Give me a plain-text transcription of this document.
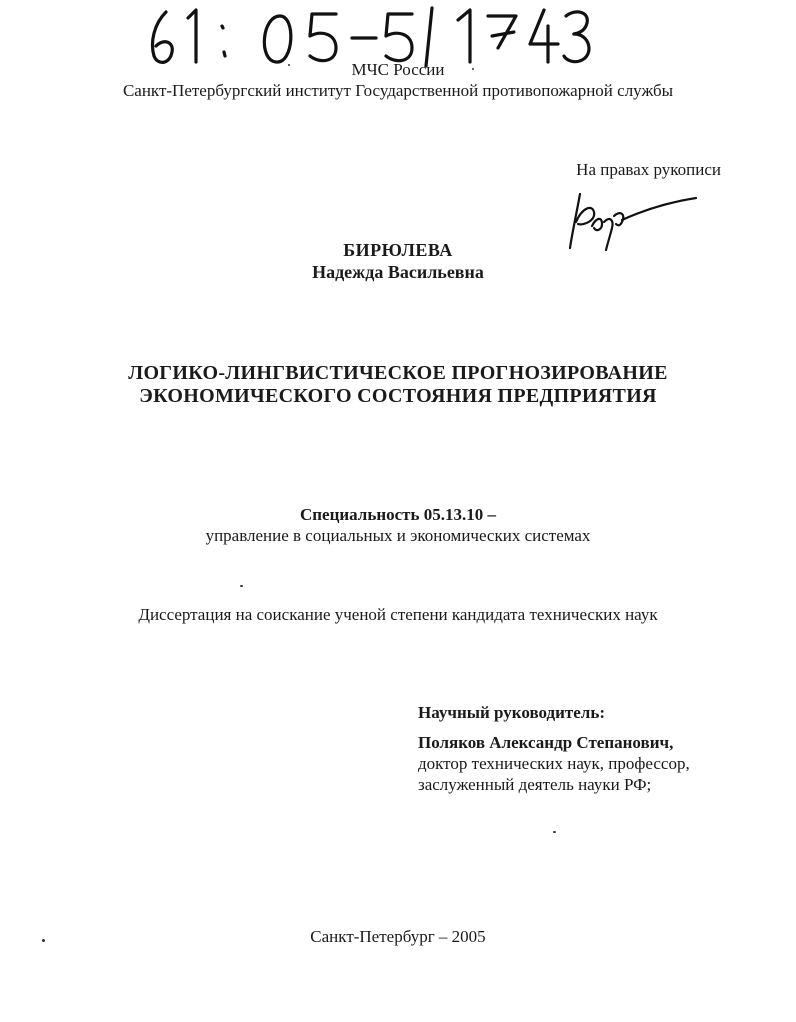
МЧС России
Санкт-Петербургский институт Государственной противопожарной службы
На правах рукописи
БИРЮЛЕВА
Надежда Васильевна
ЛОГИКО-ЛИНГВИСТИЧЕСКОЕ ПРОГНОЗИРОВАНИЕ
ЭКОНОМИЧЕСКОГО СОСТОЯНИЯ ПРЕДПРИЯТИЯ
Специальность 05.13.10 –
управление в социальных и экономических системах
Диссертация на соискание ученой степени кандидата технических наук
Научный руководитель:
Поляков Александр Степанович,
доктор технических наук, профессор,
заслуженный деятель науки РФ;
Санкт-Петербург – 2005
